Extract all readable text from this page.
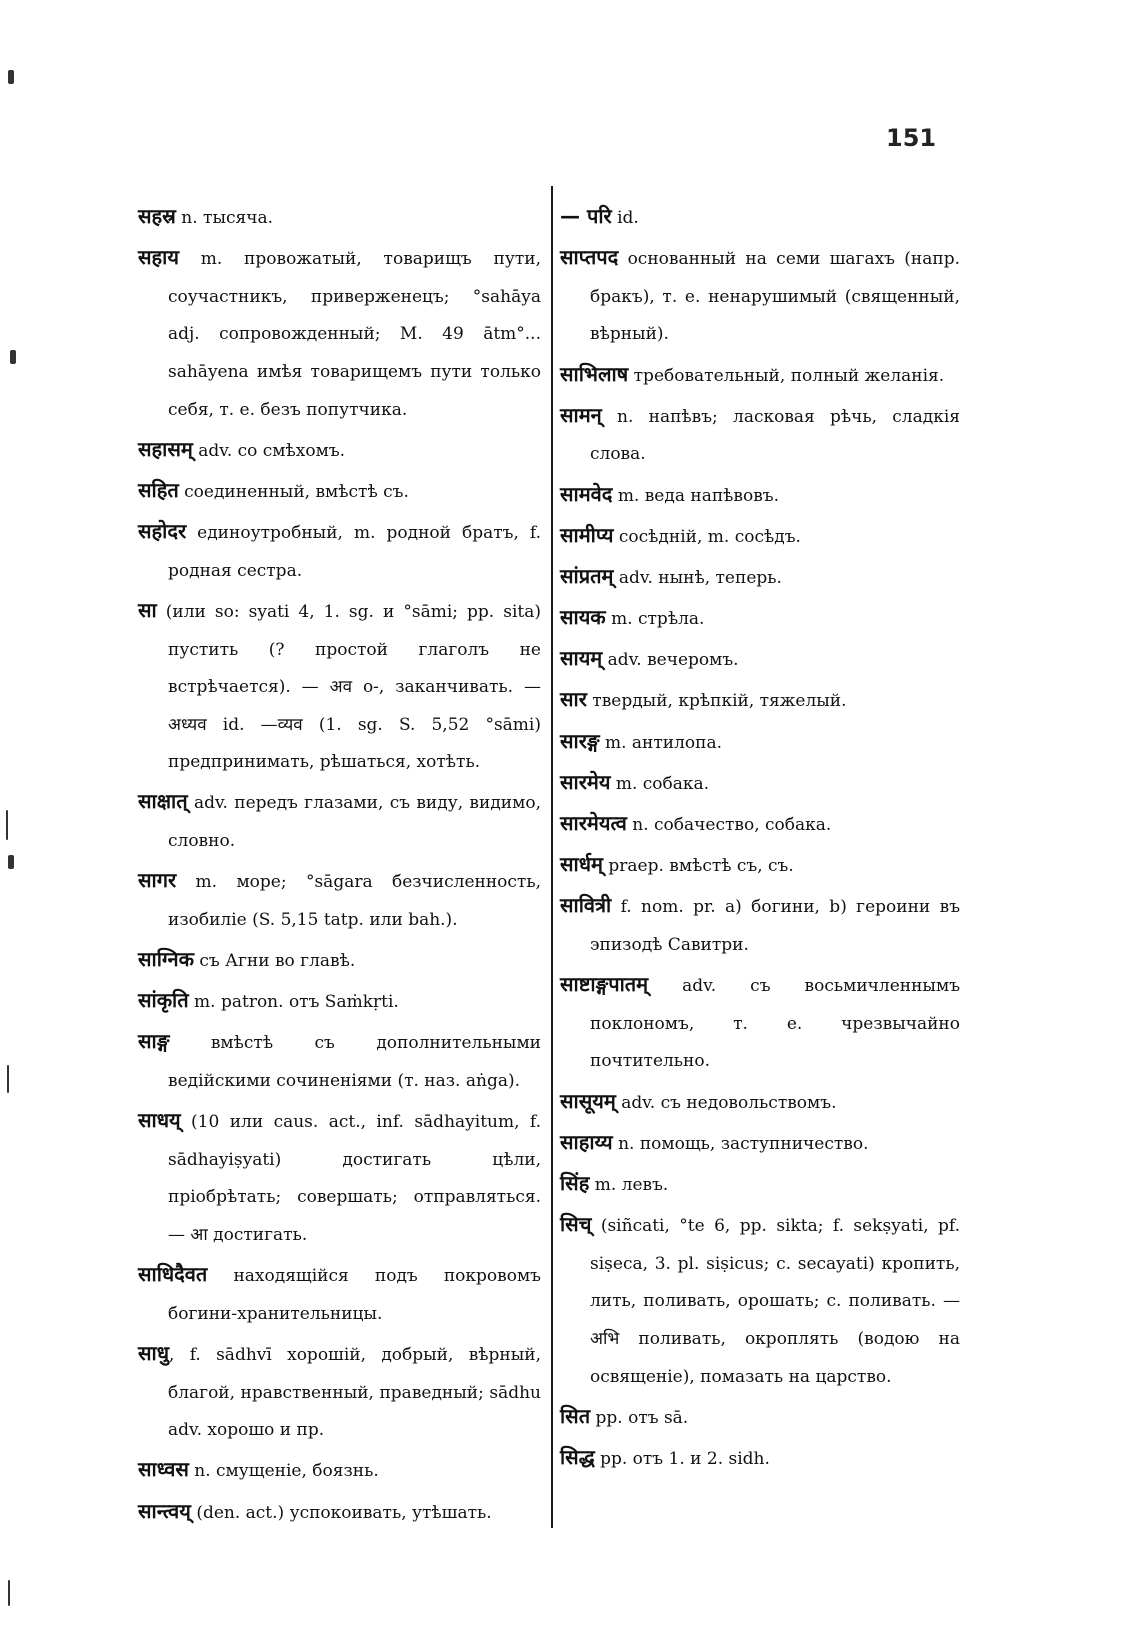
151

सहस्र n. тысяча.

सहाय m. провожатый, товарищъ пути, соучастникъ, приверженецъ; °sahāya adj. сопровожденный; M. 49 ātm°... sahāyena имѣя товарищемъ пути только себя, т. е. безъ попутчика.

सहासम् adv. со смѣхомъ.

सहित соединенный, вмѣстѣ съ.

सहोदर единоутробный, m. родной братъ, f. родная сестра.

सा (или so: syati 4, 1. sg. и °sāmi; pp. sita) пустить (? простой глаголъ не встрѣчается). — अव о-, заканчивать. — अध्यव id. —व्यव (1. sg. S. 5,52 °sāmi) предпринимать, рѣшаться, хотѣть.

साक्षात् adv. передъ глазами, съ виду, видимо, словно.

सागर m. море; °sāgara безчисленность, изобиліе (S. 5,15 tatp. или bah.).

साग्निक съ Агни во главѣ.

सांकृति m. patron. отъ Saṁkṛti.

साङ्ग вмѣстѣ съ дополнительными ведійскими сочиненіями (т. наз. aṅga).

साधय् (10 или caus. act., inf. sādhayitum, f. sādhayiṣyati) достигать цѣли, пріобрѣтать; совершать; отправляться. — आ достигать.

साधिदैवत находящійся подъ покровомъ богини-хранительницы.

साधु, f. sādhvī хорошій, добрый, вѣрный, благой, нравственный, праведный; sādhu adv. хорошо и пр.

साध्वस n. смущеніе, боязнь.

सान्त्वय् (den. act.) успокоивать, утѣшать.

— परि id.

साप्तपद основанный на семи шагахъ (напр. бракъ), т. е. ненарушимый (священный, вѣрный).

साभिलाष требовательный, полный желанія.

सामन् n. напѣвъ; ласковая рѣчь, сладкія слова.

सामवेद m. веда напѣвовъ.

सामीप्य сосѣдній, m. сосѣдъ.

सांप्रतम् adv. нынѣ, теперь.

सायक m. стрѣла.

सायम् adv. вечеромъ.

सार твердый, крѣпкій, тяжелый.

सारङ्ग m. антилопа.

सारमेय m. собака.

सारमेयत्व n. собачество, собака.

सार्धम् praep. вмѣстѣ съ, съ.

सावित्री f. nom. pr. a) богини, b) героини въ эпизодѣ Савитри.

साष्टाङ्गपातम् adv. съ восьмичленнымъ поклономъ, т. е. чрезвычайно почтительно.

सासूयम् adv. съ недовольствомъ.

साहाय्य n. помощь, заступничество.

सिंह m. левъ.

सिच् (siñcati, °te 6, pp. sikta; f. sekṣyati, pf. siṣeca, 3. pl. siṣicus; c. secayati) кропить, лить, поливать, орошать; c. поливать. — अभि поливать, окроплять (водою на освященіе), помазать на царство.

सित pp. отъ sā.

सिद्ध pp. отъ 1. и 2. sidh.
